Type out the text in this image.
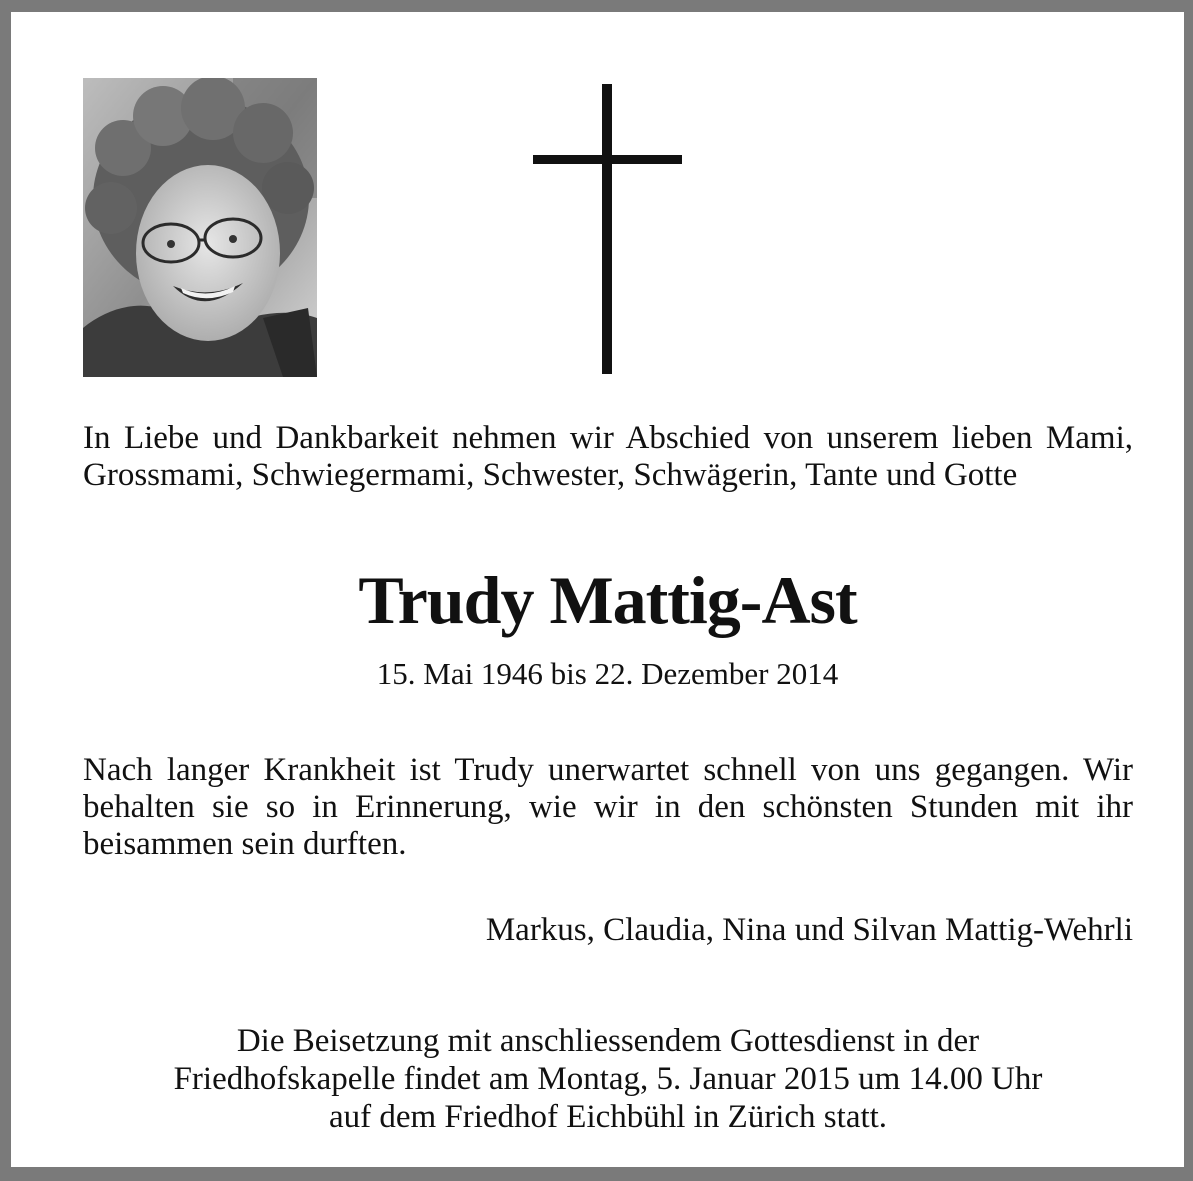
In Liebe und Dankbarkeit nehmen wir Abschied von unserem lieben Mami, Grossmami, Schwiegermami, Schwester, Schwägerin, Tante und Gotte
Trudy Mattig-Ast
15. Mai 1946 bis 22. Dezember 2014
Nach langer Krankheit ist Trudy unerwartet schnell von uns gegangen. Wir behalten sie so in Erinnerung, wie wir in den schönsten Stunden mit ihr beisammen sein durften.
Markus, Claudia, Nina und Silvan Mattig-Wehrli
Die Beisetzung mit anschliessendem Gottesdienst in der
Friedhofskapelle findet am Montag, 5. Januar 2015 um 14.00 Uhr
auf dem Friedhof Eichbühl in Zürich statt.
